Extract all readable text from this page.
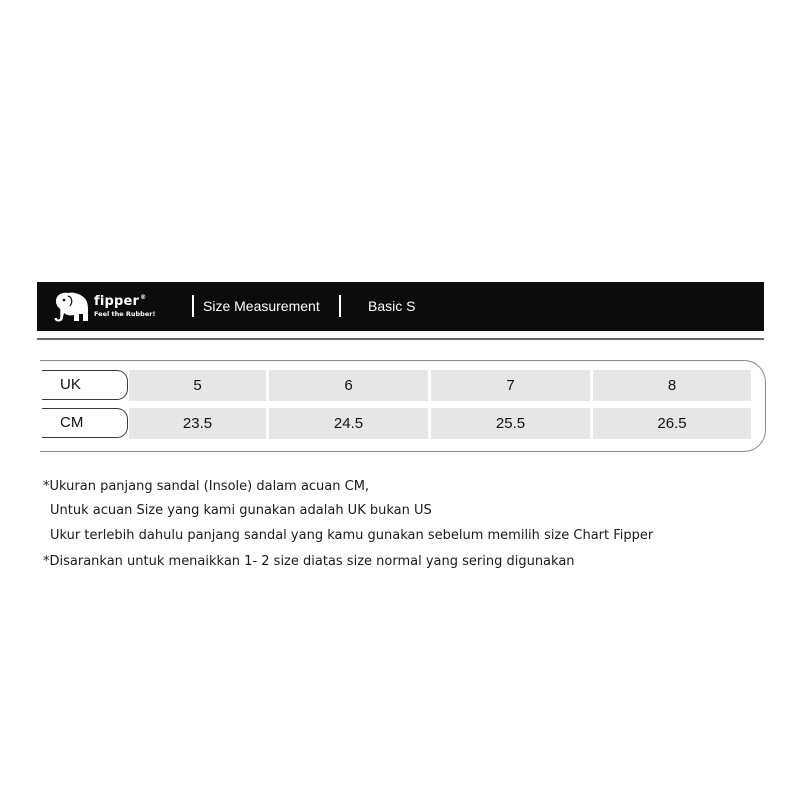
fipper®
Feel the Rubber!	Size Measurement	Basic S
UK	5	6	7	8
CM	23.5	24.5	25.5	26.5
*Ukuran panjang sandal (Insole) dalam acuan CM,
Untuk acuan Size yang kami gunakan adalah UK bukan US
Ukur terlebih dahulu panjang sandal yang kamu gunakan sebelum memilih size Chart Fipper
*Disarankan untuk menaikkan 1- 2 size diatas size normal yang sering digunakan
